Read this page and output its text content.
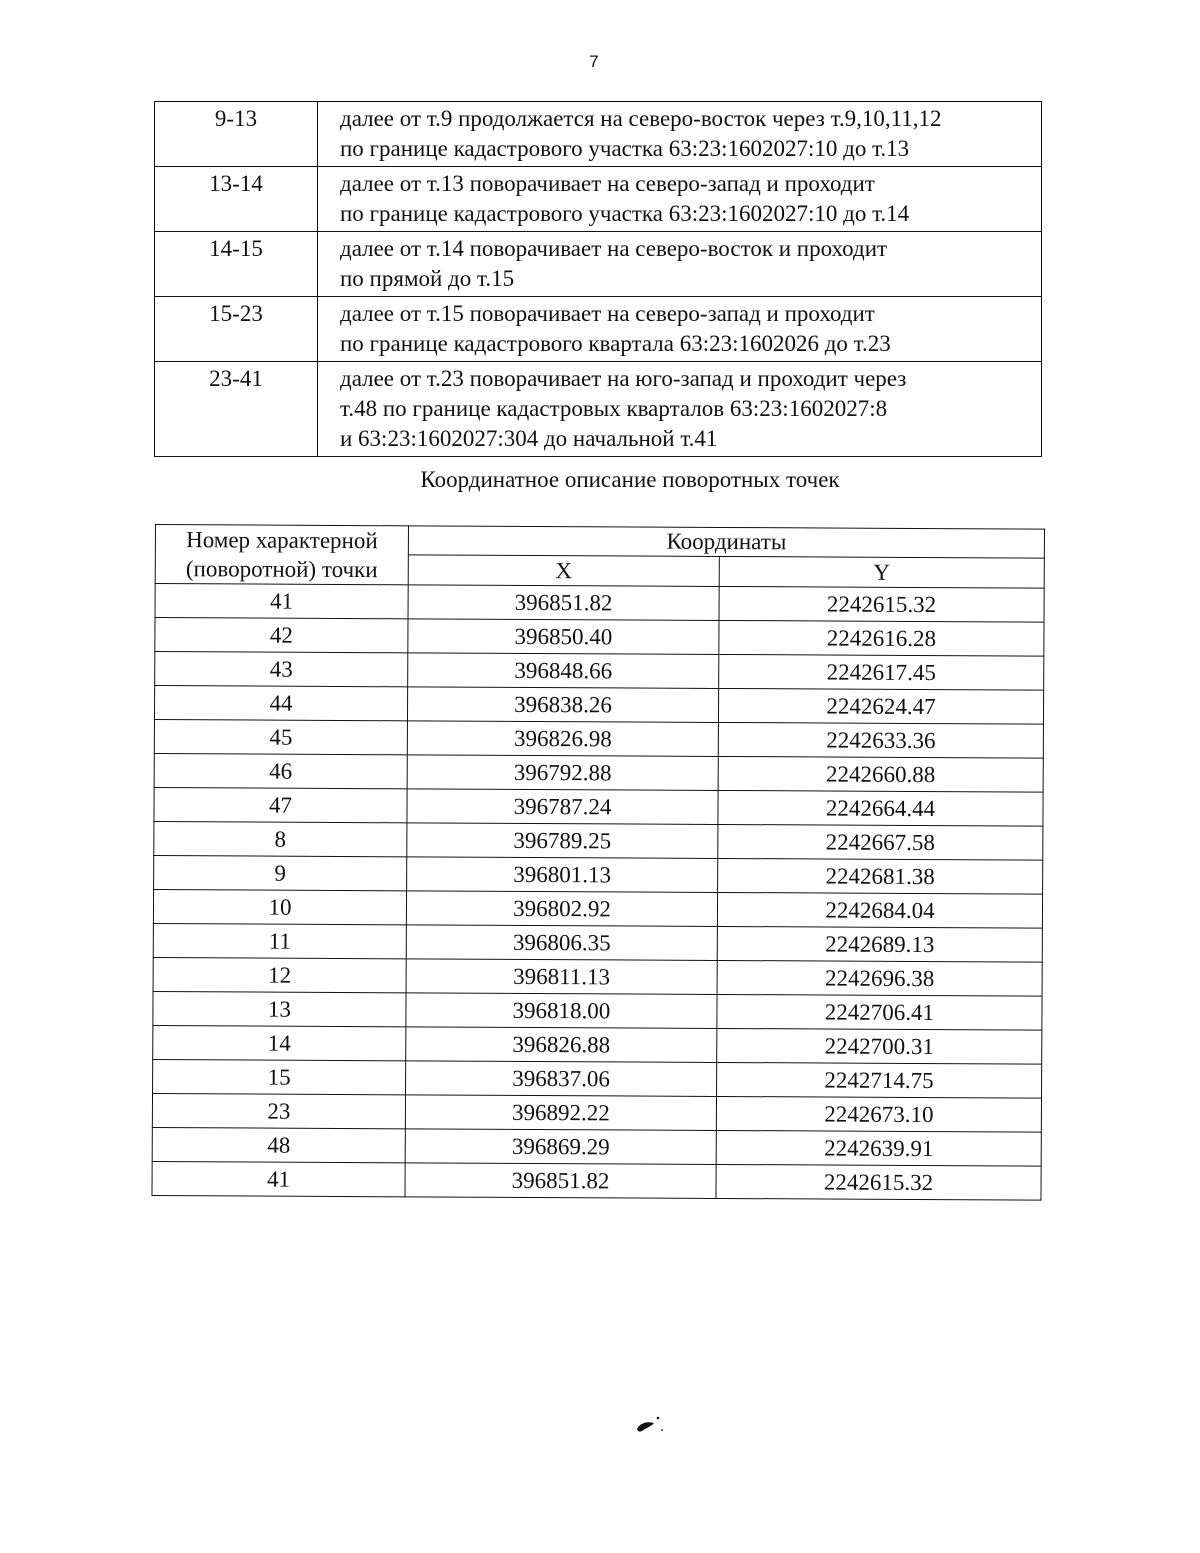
7
9-13	далее от т.9 продолжается на северо-восток через т.9,10,11,12
по границе кадастрового участка 63:23:1602027:10 до т.13

13-14	далее от т.13 поворачивает на северо-запад и проходит
по границе кадастрового участка 63:23:1602027:10 до т.14

14-15	далее от т.14 поворачивает на северо-восток и проходит
по прямой до т.15

15-23	далее от т.15 поворачивает на северо-запад и проходит
по границе кадастрового квартала 63:23:1602026 до т.23

23-41	далее от т.23 поворачивает на юго-запад и проходит через
т.48 по границе кадастровых кварталов 63:23:1602027:8
и 63:23:1602027:304 до начальной т.41
Координатное описание поворотных точек
Номер характерной
(поворотной) точки	Координаты	
	X	Y
41	396851.82	2242615.32
42	396850.40	2242616.28
43	396848.66	2242617.45
44	396838.26	2242624.47
45	396826.98	2242633.36
46	396792.88	2242660.88
47	396787.24	2242664.44
8	396789.25	2242667.58
9	396801.13	2242681.38
10	396802.92	2242684.04
11	396806.35	2242689.13
12	396811.13	2242696.38
13	396818.00	2242706.41
14	396826.88	2242700.31
15	396837.06	2242714.75
23	396892.22	2242673.10
48	396869.29	2242639.91
41	396851.82	2242615.32
